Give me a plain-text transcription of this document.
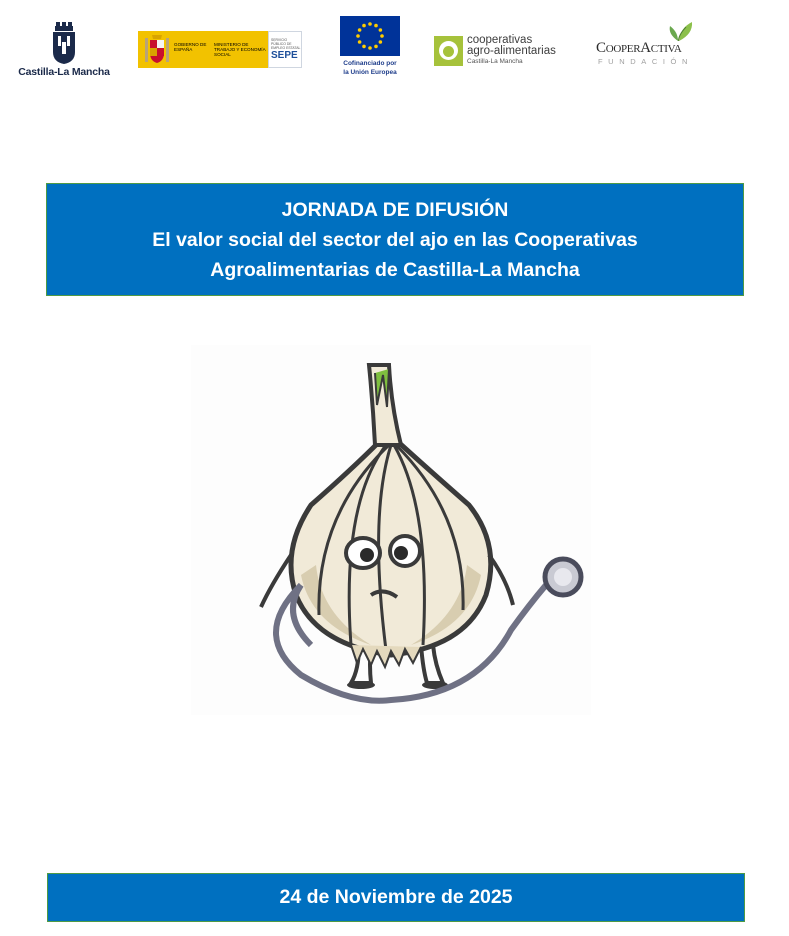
Castilla-La Mancha
GOBIERNO DE ESPAÑA
MINISTERIO DE TRABAJO Y ECONOMÍA SOCIAL
SERVICIO PÚBLICO DE EMPLEO ESTATAL
SEPE
Cofinanciado por
la Unión Europea
cooperativas
agro-alimentarias
Castilla-La Mancha
CooperActiva
FUNDACIÓN
JORNADA DE DIFUSIÓN
El valor social del sector del ajo en las Cooperativas
Agroalimentarias de Castilla-La Mancha
24 de Noviembre de 2025
